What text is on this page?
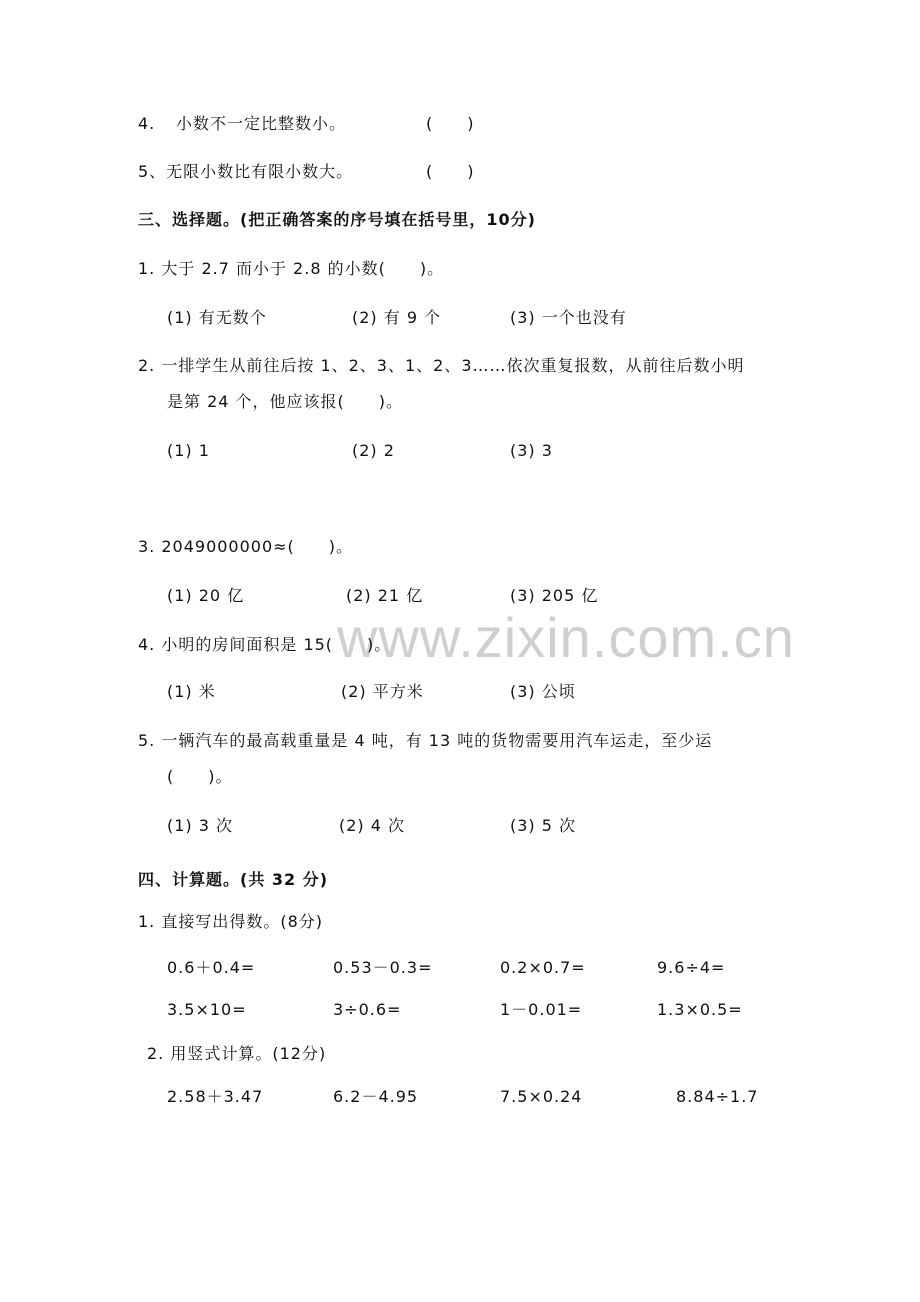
4. 小数不一定比整数小。	(　　)
5、无限小数比有限小数大。	(　　)
三、选择题。(把正确答案的序号填在括号里，10分)
1. 大于 2.7 而小于 2.8 的小数(　　)。
(1) 有无数个	(2) 有 9 个	(3) 一个也没有
2. 一排学生从前往后按 1、2、3、1、2、3……依次重复报数，从前往后数小明
是第 24 个，他应该报(　　)。
(1) 1	(2) 2	(3) 3
3. 2049000000≈(　　)。
(1) 20 亿	(2) 21 亿	(3) 205 亿
www.zixin.com.cn
4. 小明的房间面积是 15(　　)。
(1) 米	(2) 平方米	(3) 公顷
5. 一辆汽车的最高载重量是 4 吨，有 13 吨的货物需要用汽车运走，至少运
(　　)。
(1) 3 次	(2) 4 次	(3) 5 次
四、计算题。(共 32 分)
1. 直接写出得数。(8分)
0.6＋0.4=	0.53－0.3=	0.2×0.7=	9.6÷4=
3.5×10=	3÷0.6=	1－0.01=	1.3×0.5=
2. 用竖式计算。(12分)
2.58＋3.47	6.2－4.95	7.5×0.24	8.84÷1.7
